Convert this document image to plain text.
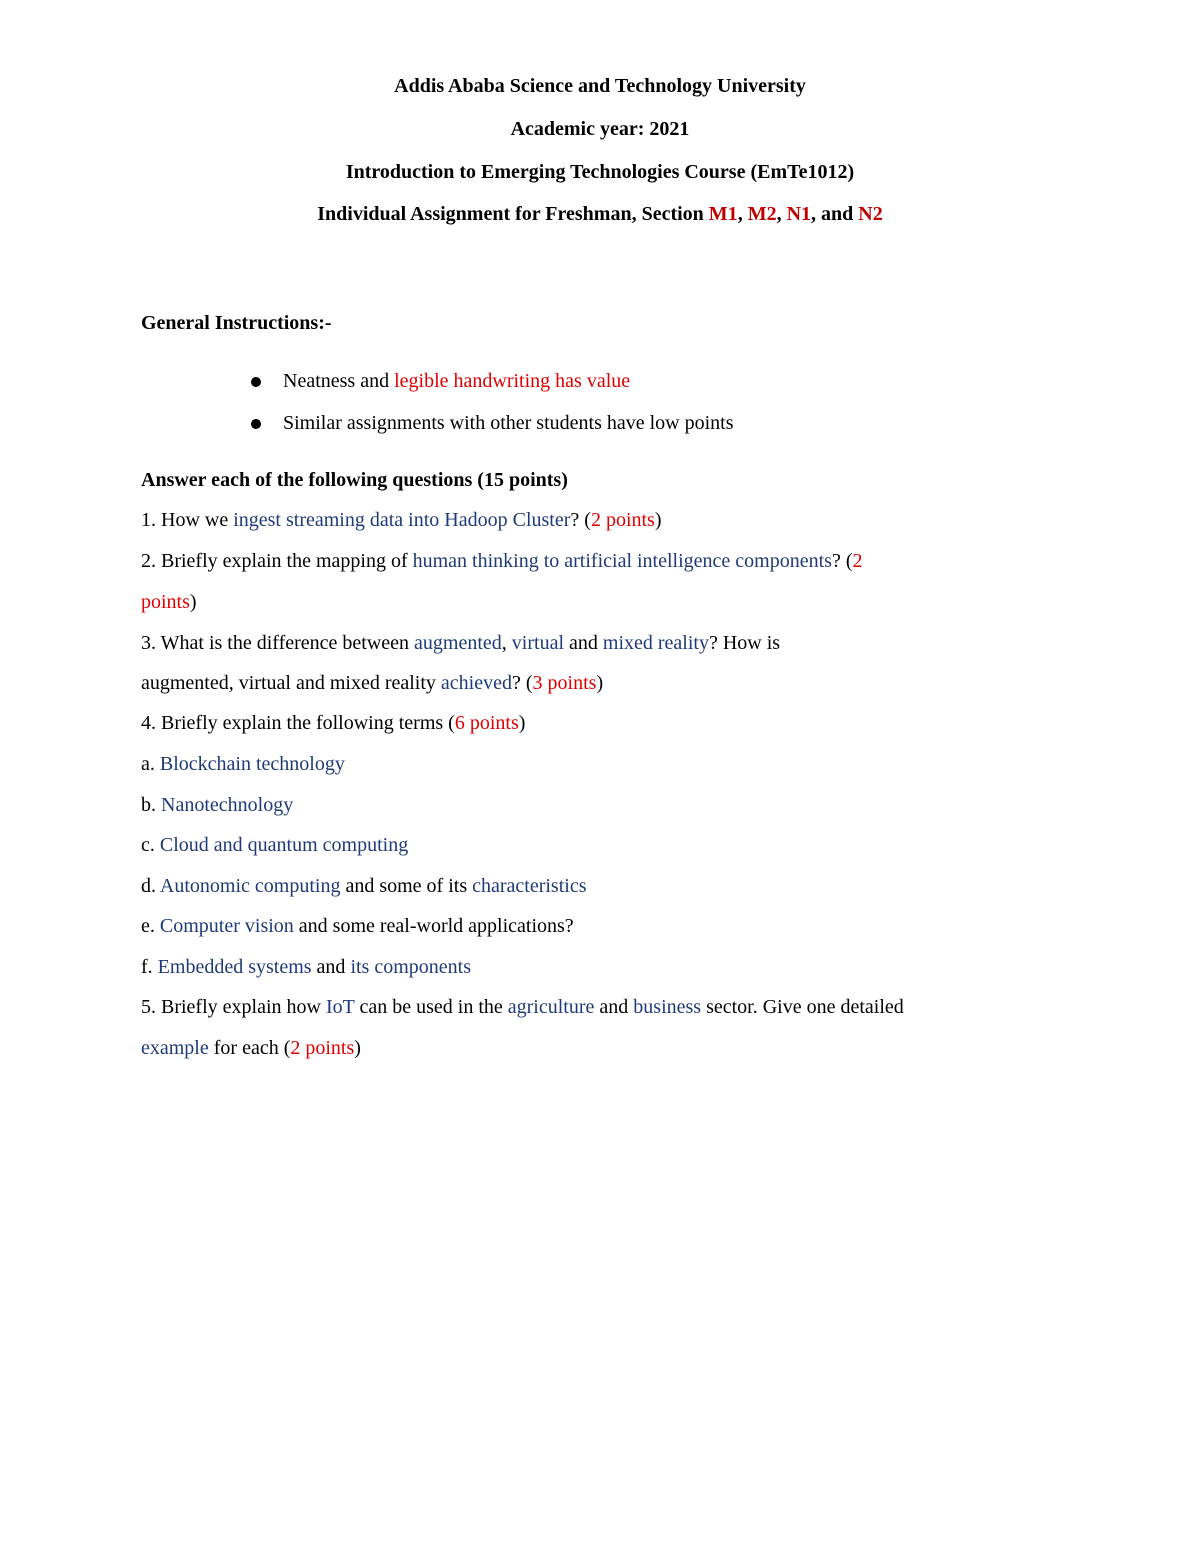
Addis Ababa Science and Technology University
Academic year: 2021
Introduction to Emerging Technologies Course (EmTe1012)
Individual Assignment for Freshman, Section M1, M2, N1, and N2
General Instructions:-
Neatness and legible handwriting has value
Similar assignments with other students have low points
Answer each of the following questions (15 points)
1. How we ingest streaming data into Hadoop Cluster? (2 points)
2. Briefly explain the mapping of human thinking to artificial intelligence components? (2
points)
3. What is the difference between augmented, virtual and mixed reality? How is
augmented, virtual and mixed reality achieved? (3 points)
4. Briefly explain the following terms (6 points)
a. Blockchain technology
b. Nanotechnology
c. Cloud and quantum computing
d. Autonomic computing and some of its characteristics
e. Computer vision and some real-world applications?
f. Embedded systems and its components
5. Briefly explain how IoT can be used in the agriculture and business sector. Give one detailed
example for each (2 points)
